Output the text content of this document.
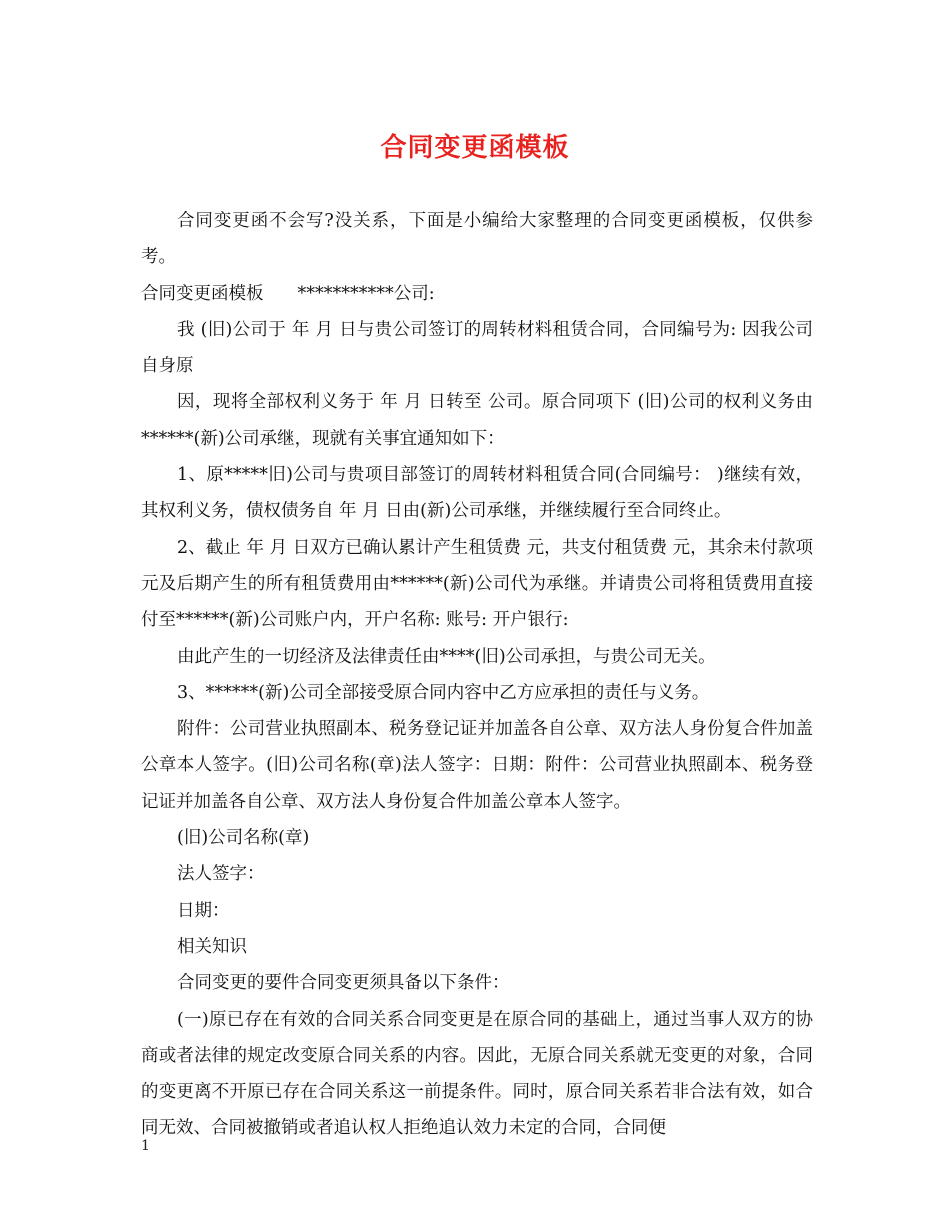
合同变更函模板

合同变更函不会写?没关系，下面是小编给大家整理的合同变更函模板，仅供参考。

合同变更函模板 ***********公司:

我 (旧)公司于 年 月 日与贵公司签订的周转材料租赁合同，合同编号为: 因我公司自身原

因，现将全部权利义务于 年 月 日转至 公司。原合同项下 (旧)公司的权利义务由******(新)公司承继，现就有关事宜通知如下：

1、原*****旧)公司与贵项目部签订的周转材料租赁合同(合同编号： )继续有效，其权利义务，债权债务自 年 月 日由(新)公司承继，并继续履行至合同终止。

2、截止 年 月 日双方已确认累计产生租赁费 元，共支付租赁费 元，其余未付款项 元及后期产生的所有租赁费用由******(新)公司代为承继。并请贵公司将租赁费用直接付至******(新)公司账户内，开户名称: 账号: 开户银行:

由此产生的一切经济及法律责任由****(旧)公司承担，与贵公司无关。

3、******(新)公司全部接受原合同内容中乙方应承担的责任与义务。

附件：公司营业执照副本、税务登记证并加盖各自公章、双方法人身份复合件加盖公章本人签字。(旧)公司名称(章)法人签字：日期：附件：公司营业执照副本、税务登记证并加盖各自公章、双方法人身份复合件加盖公章本人签字。

(旧)公司名称(章)

法人签字：

日期：

相关知识

合同变更的要件合同变更须具备以下条件：

(一)原已存在有效的合同关系合同变更是在原合同的基础上，通过当事人双方的协商或者法律的规定改变原合同关系的内容。因此，无原合同关系就无变更的对象，合同的变更离不开原已存在合同关系这一前提条件。同时，原合同关系若非合法有效，如合同无效、合同被撤销或者追认权人拒绝追认效力未定的合同，合同便

1
